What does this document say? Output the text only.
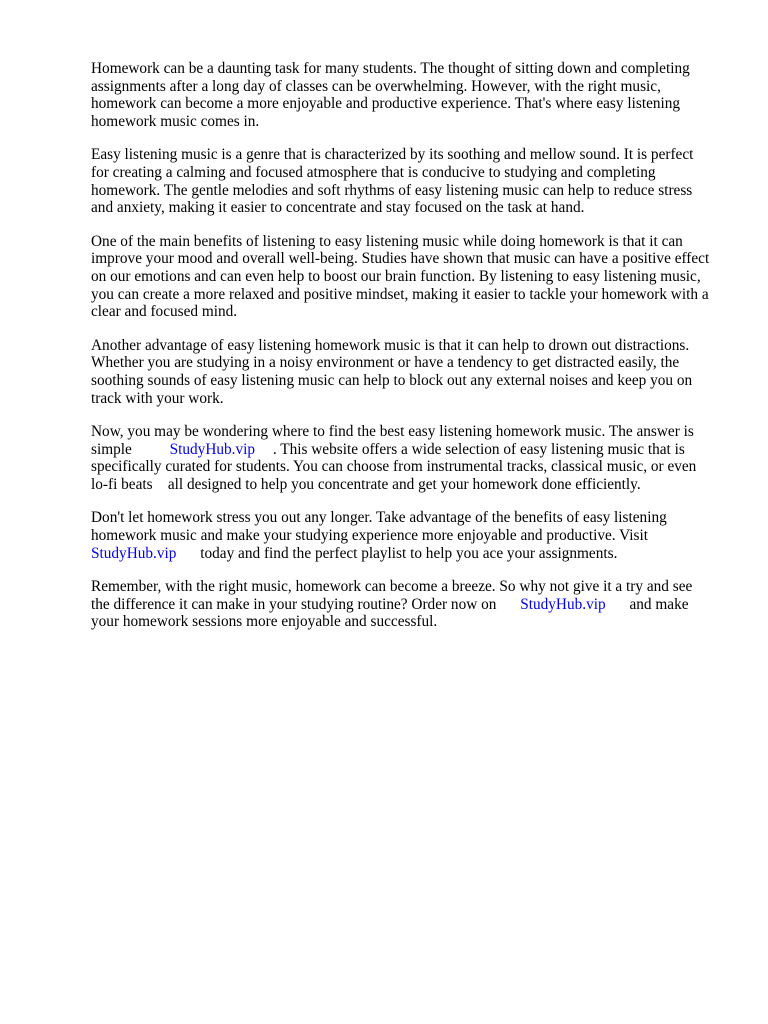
Homework can be a daunting task for many students. The thought of sitting down and completing
assignments after a long day of classes can be overwhelming. However, with the right music,
homework can become a more enjoyable and productive experience. That's where easy listening
homework music comes in.

Easy listening music is a genre that is characterized by its soothing and mellow sound. It is perfect
for creating a calming and focused atmosphere that is conducive to studying and completing
homework. The gentle melodies and soft rhythms of easy listening music can help to reduce stress
and anxiety, making it easier to concentrate and stay focused on the task at hand.

One of the main benefits of listening to easy listening music while doing homework is that it can
improve your mood and overall well-being. Studies have shown that music can have a positive effect
on our emotions and can even help to boost our brain function. By listening to easy listening music,
you can create a more relaxed and positive mindset, making it easier to tackle your homework with a
clear and focused mind.

Another advantage of easy listening homework music is that it can help to drown out distractions.
Whether you are studying in a noisy environment or have a tendency to get distracted easily, the
soothing sounds of easy listening music can help to block out any external noises and keep you on
track with your work.

Now, you may be wondering where to find the best easy listening homework music. The answer is
simple StudyHub.vip . This website offers a wide selection of easy listening music that is
specifically curated for students. You can choose from instrumental tracks, classical music, or even
lo-fi beats    all designed to help you concentrate and get your homework done efficiently.

Don't let homework stress you out any longer. Take advantage of the benefits of easy listening
homework music and make your studying experience more enjoyable and productive. Visit
StudyHub.vip today and find the perfect playlist to help you ace your assignments.

Remember, with the right music, homework can become a breeze. So why not give it a try and see
the difference it can make in your studying routine? Order now on StudyHub.vip and make
your homework sessions more enjoyable and successful.
